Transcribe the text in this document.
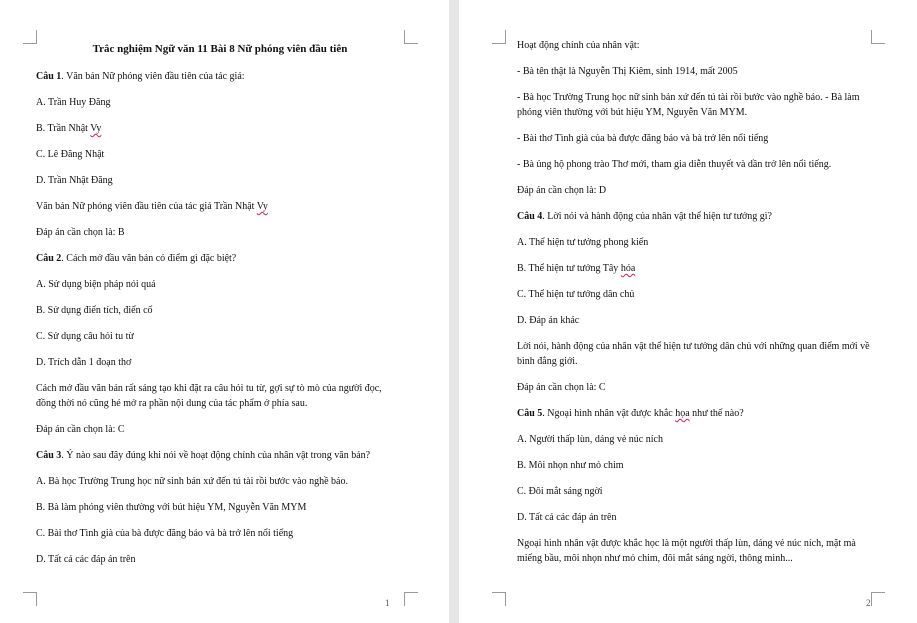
Trắc nghiệm Ngữ văn 11 Bài 8 Nữ phóng viên đầu tiên
Câu 1. Văn bản Nữ phóng viên đầu tiên của tác giả:
A. Trần Huy Đăng
B. Trần Nhật Vy
C. Lê Đăng Nhật
D. Trần Nhật Đăng
Văn bản Nữ phóng viên đầu tiên của tác giả Trần Nhật Vy
Đáp án cần chọn là: B
Câu 2. Cách mở đầu văn bản có điểm gì đặc biệt?
A. Sử dụng biện pháp nói quá
B. Sử dụng điển tích, điển cố
C. Sử dụng câu hỏi tu từ
D. Trích dẫn 1 đoạn thơ
Cách mở đầu văn bản rất sáng tạo khi đặt ra câu hỏi tu từ, gợi sự tò mò của người đọc, đồng thời nó cũng hé mở ra phần nội dung của tác phẩm ở phía sau.
Đáp án cần chọn là: C
Câu 3. Ý nào sau đây đúng khi nói về hoạt động chính của nhân vật trong văn bản?
A. Bà học Trường Trung học nữ sinh bản xứ đến tú tài rồi bước vào nghề báo.
B. Bà làm phóng viên thường với bút hiệu YM, Nguyễn Văn MYM
C. Bài thơ Tình già của bà được đăng báo và bà trở lên nổi tiếng
D. Tất cả các đáp án trên
1
Hoạt động chính của nhân vật:
- Bà tên thật là Nguyễn Thị Kiêm, sinh 1914, mất 2005
- Bà học Trường Trung học nữ sinh bản xứ đến tú tài rồi bước vào nghề báo. - Bà làm phóng viên thường với bút hiệu YM, Nguyễn Văn MYM.
- Bài thơ Tình già của bà được đăng báo và bà trở lên nổi tiếng
- Bà ủng hộ phong trào Thơ mới, tham gia diễn thuyết và dần trở lên nổi tiếng.
Đáp án cần chọn là: D
Câu 4. Lời nói và hành động của nhân vật thể hiện tư tưởng gì?
A. Thể hiện tư tưởng phong kiến
B. Thể hiện tư tưởng Tây hóa
C. Thể hiện tư tưởng dân chủ
D. Đáp án khác
Lời nói, hành động của nhân vật thể hiện tư tưởng dân chủ với những quan điểm mới về bình đẳng giới.
Đáp án cần chọn là: C
Câu 5. Ngoại hình nhân vật được khắc họa như thế nào?
A. Người thấp lùn, dáng vẻ núc ních
B. Môi nhọn như mỏ chim
C. Đôi mắt sáng ngời
D. Tất cả các đáp án trên
Ngoại hình nhân vật được khắc học là một người thấp lùn, dáng vẻ núc ních, mặt mà miếng bầu, môi nhọn như mỏ chim, đôi mắt sáng ngời, thông minh...
2
